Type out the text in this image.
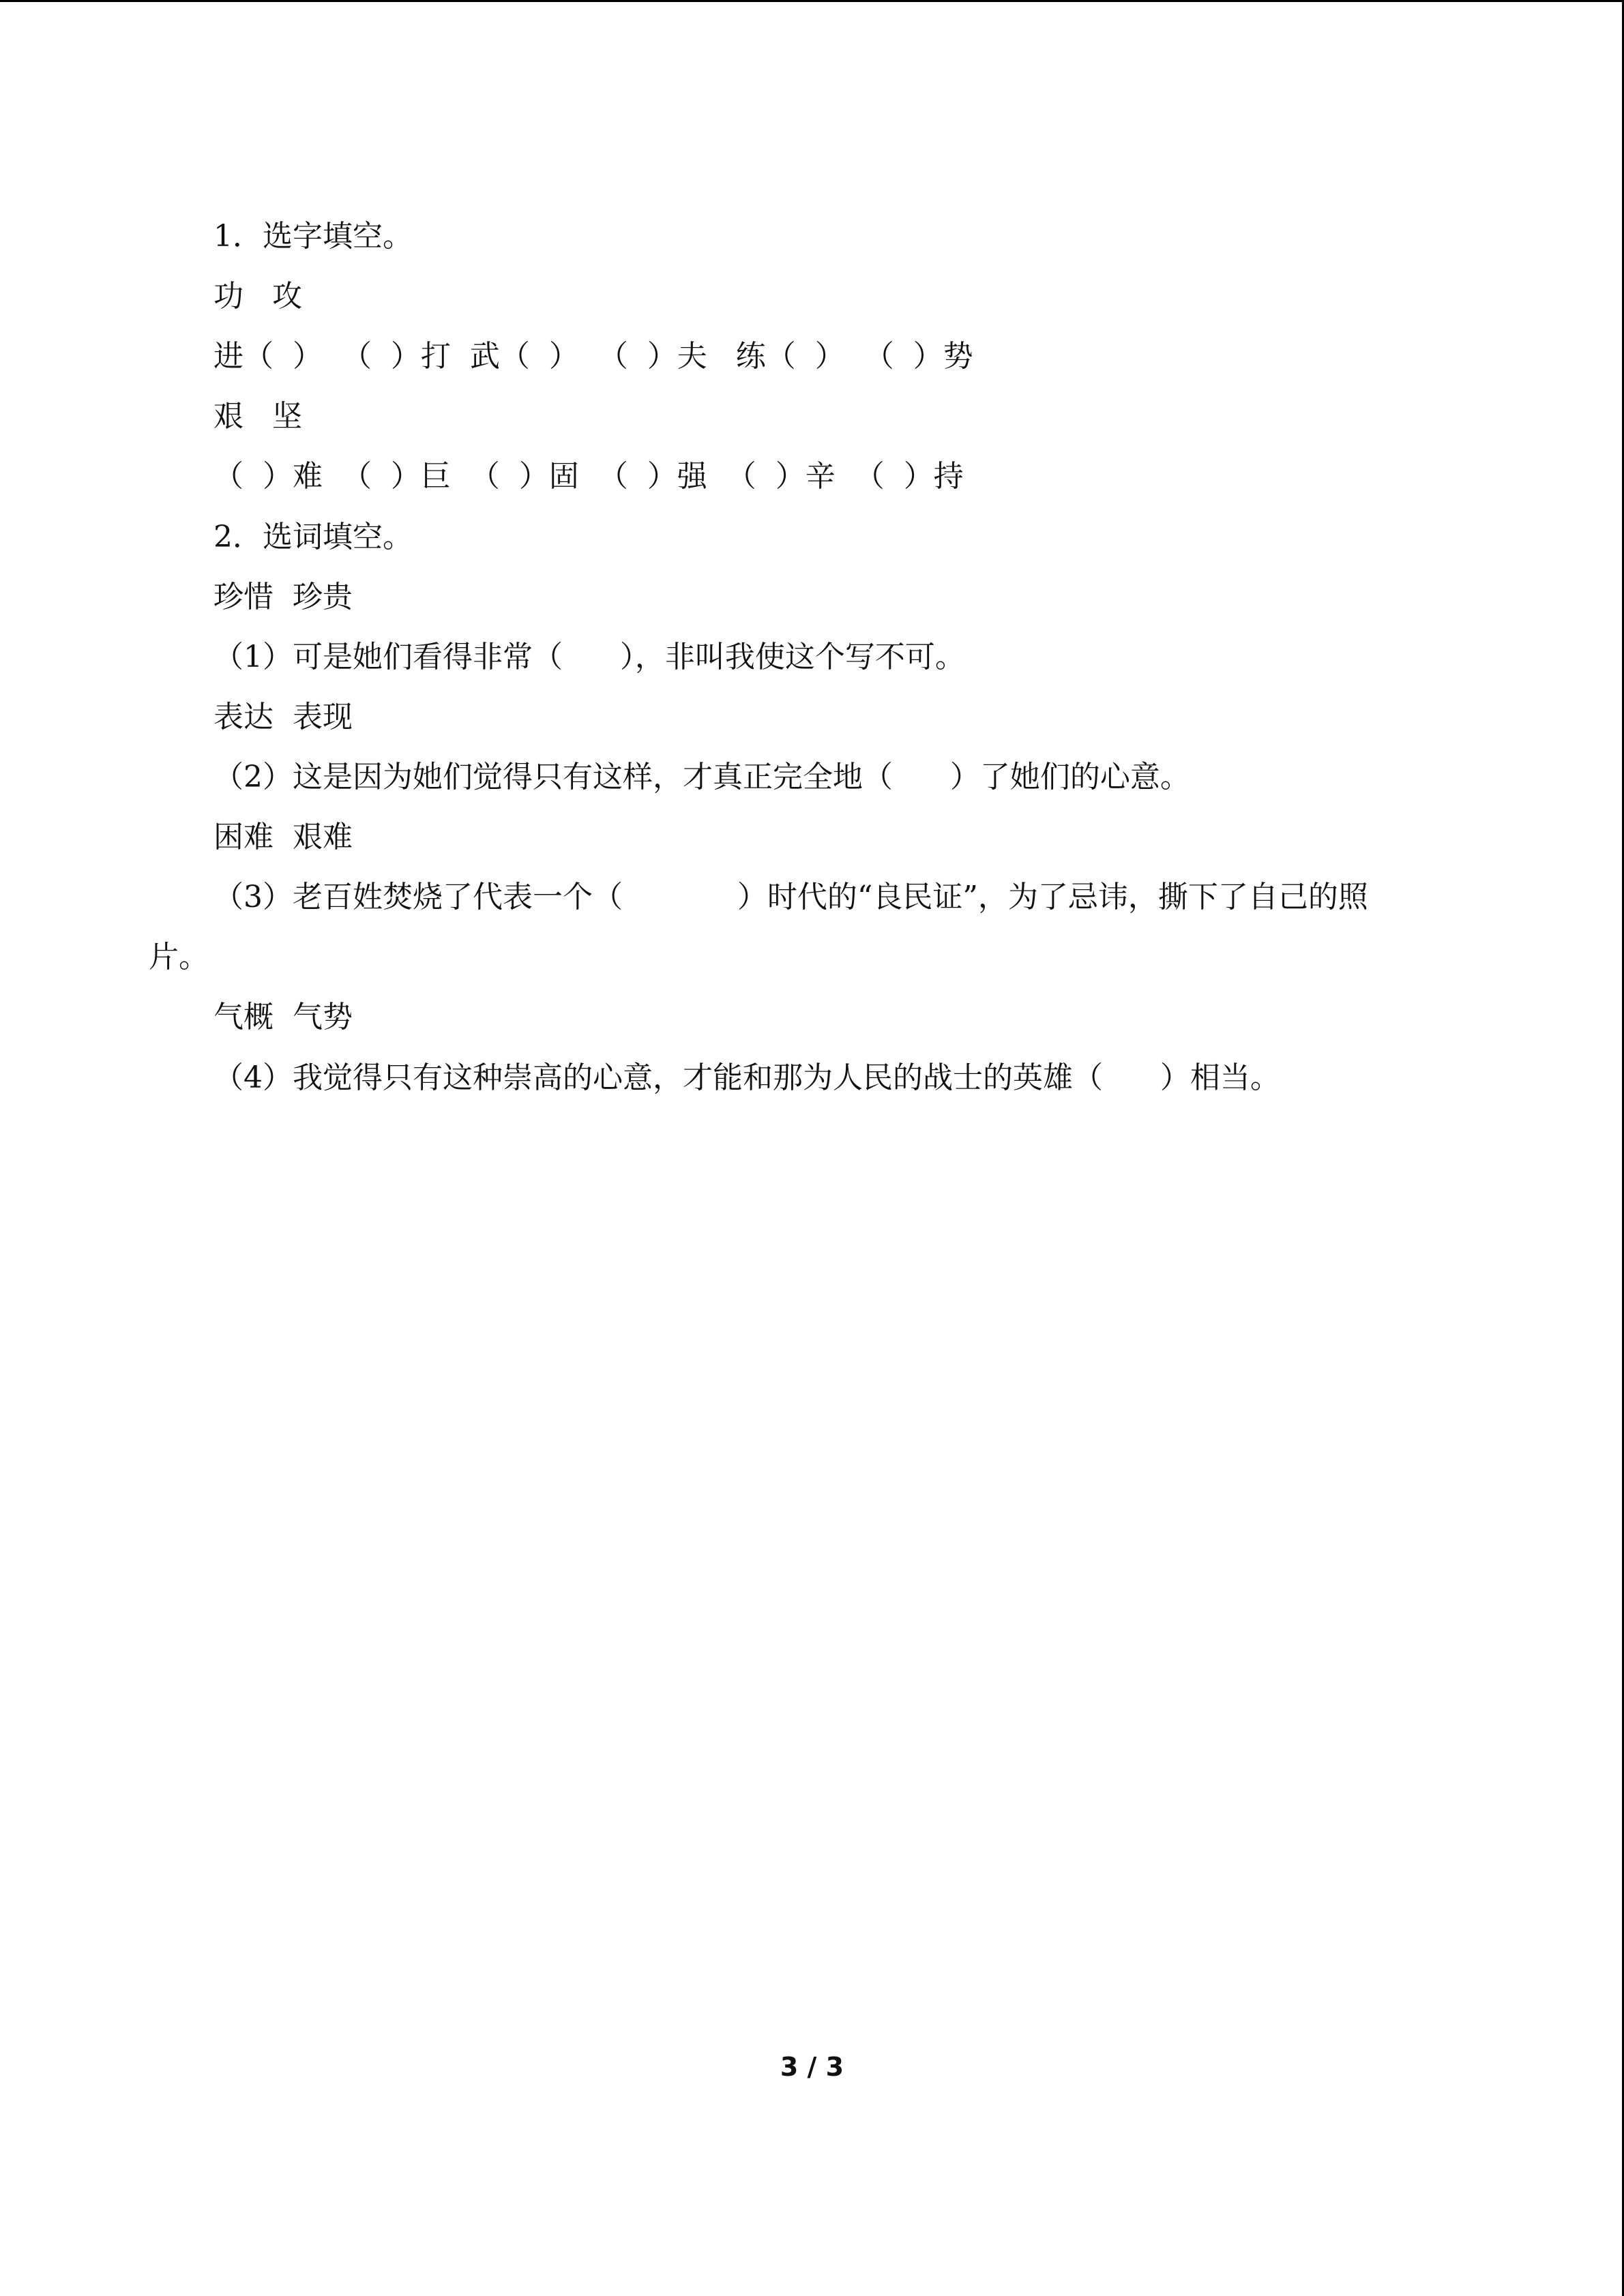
1．选字填空。
功   攻
进（  ）  （  ）打  武（  ）  （  ）夫   练（  ）  （  ）势
艰   坚
（  ）难  （  ）巨  （  ）固  （  ）强  （  ）辛  （  ）持
2．选词填空。
珍惜  珍贵
（1）可是她们看得非常（      ），非叫我使这个写不可。
表达  表现
（2）这是因为她们觉得只有这样，才真正完全地（      ）了她们的心意。
困难  艰难
（3）老百姓焚烧了代表一个（            ）时代的“良民证”，为了忌讳，撕下了自己的照
片。
气概  气势
（4）我觉得只有这种崇高的心意，才能和那为人民的战士的英雄（      ）相当。
3 / 3
